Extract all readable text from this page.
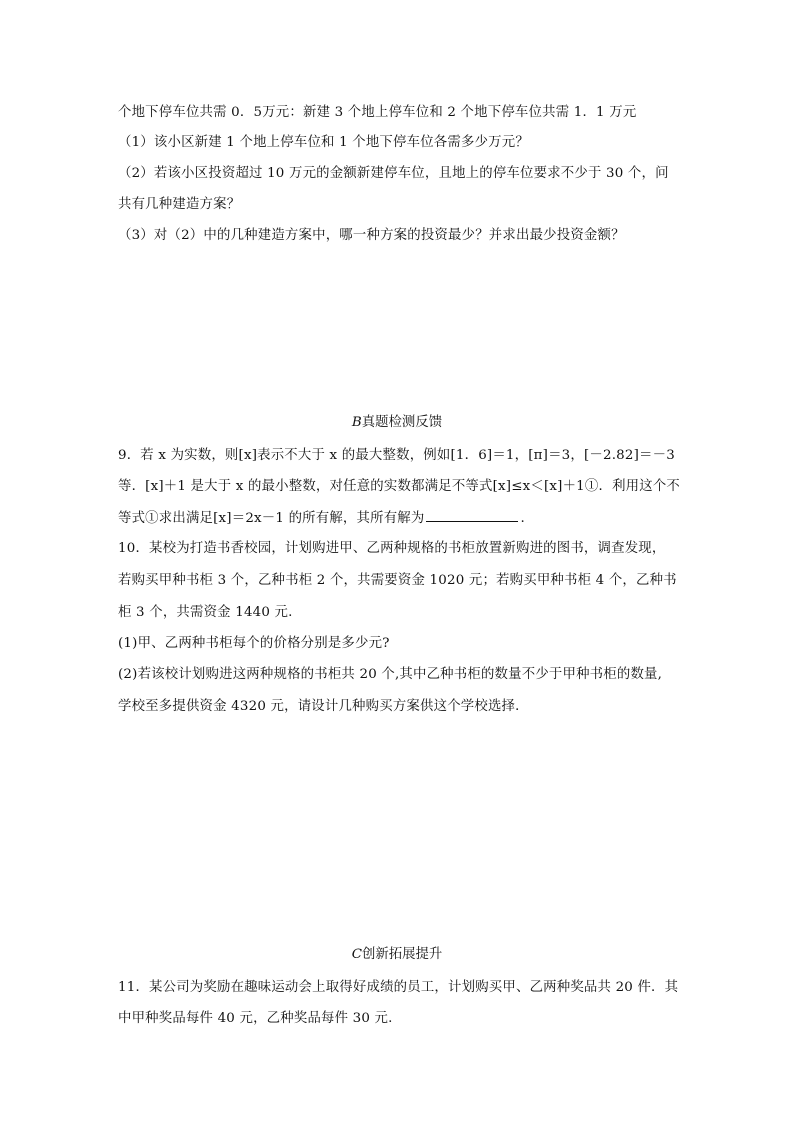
个地下停车位共需 0．5万元：新建 3 个地上停车位和 2 个地下停车位共需 1．1 万元
（1）该小区新建 1 个地上停车位和 1 个地下停车位各需多少万元？
（2）若该小区投资超过 10 万元的金额新建停车位，且地上的停车位要求不少于 30 个，问
共有几种建造方案？
（3）对（2）中的几种建造方案中，哪一种方案的投资最少？并求出最少投资金额？
B真题检测反馈
9．若 x 为实数，则[x]表示不大于 x 的最大整数，例如[1．6]＝1，[π]＝3，[－2.82]＝－3
等．[x]＋1 是大于 x 的最小整数，对任意的实数都满足不等式[x]≤x＜[x]＋1①．利用这个不
等式①求出满足[x]＝2x－1 的所有解，其所有解为	.
10．某校为打造书香校园，计划购进甲、乙两种规格的书柜放置新购进的图书，调查发现，
若购买甲种书柜 3 个，乙种书柜 2 个，共需要资金 1020 元；若购买甲种书柜 4 个，乙种书
柜 3 个，共需资金 1440 元.
(1)甲、乙两种书柜每个的价格分别是多少元?
(2)若该校计划购进这两种规格的书柜共 20 个,其中乙种书柜的数量不少于甲种书柜的数量,
学校至多提供资金 4320 元，请设计几种购买方案供这个学校选择．
C创新拓展提升
11．某公司为奖励在趣味运动会上取得好成绩的员工，计划购买甲、乙两种奖品共 20 件．其
中甲种奖品每件 40 元，乙种奖品每件 30 元.
